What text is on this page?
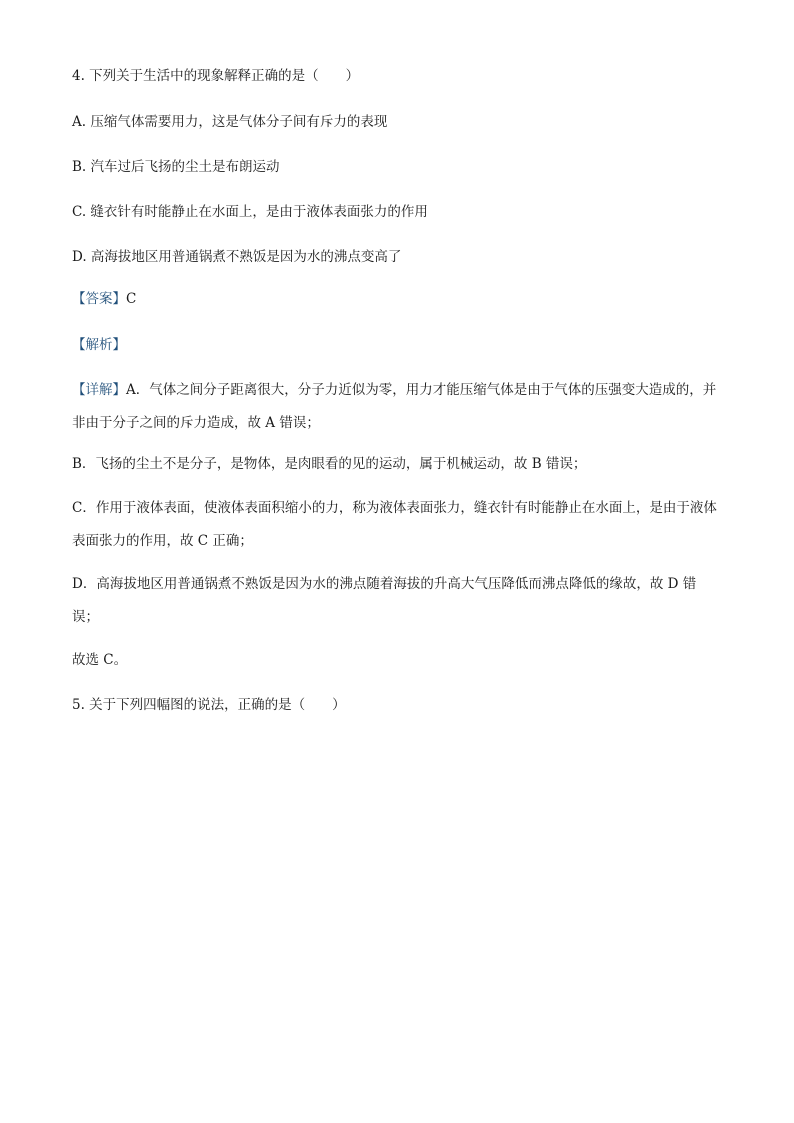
4. 下列关于生活中的现象解释正确的是（　　）
A. 压缩气体需要用力，这是气体分子间有斥力的表现
B. 汽车过后飞扬的尘土是布朗运动
C. 缝衣针有时能静止在水面上，是由于液体表面张力的作用
D. 高海拔地区用普通锅煮不熟饭是因为水的沸点变高了
【答案】C
【解析】
【详解】A．气体之间分子距离很大，分子力近似为零，用力才能压缩气体是由于气体的压强变大造成的，并非由于分子之间的斥力造成，故 A 错误；
B．飞扬的尘土不是分子，是物体，是肉眼看的见的运动，属于机械运动，故 B 错误；
C．作用于液体表面，使液体表面积缩小的力，称为液体表面张力，缝衣针有时能静止在水面上，是由于液体表面张力的作用，故 C 正确；
D．高海拔地区用普通锅煮不熟饭是因为水的沸点随着海拔的升高大气压降低而沸点降低的缘故，故 D 错误；
故选 C。
5. 关于下列四幅图的说法，正确的是（　　）
